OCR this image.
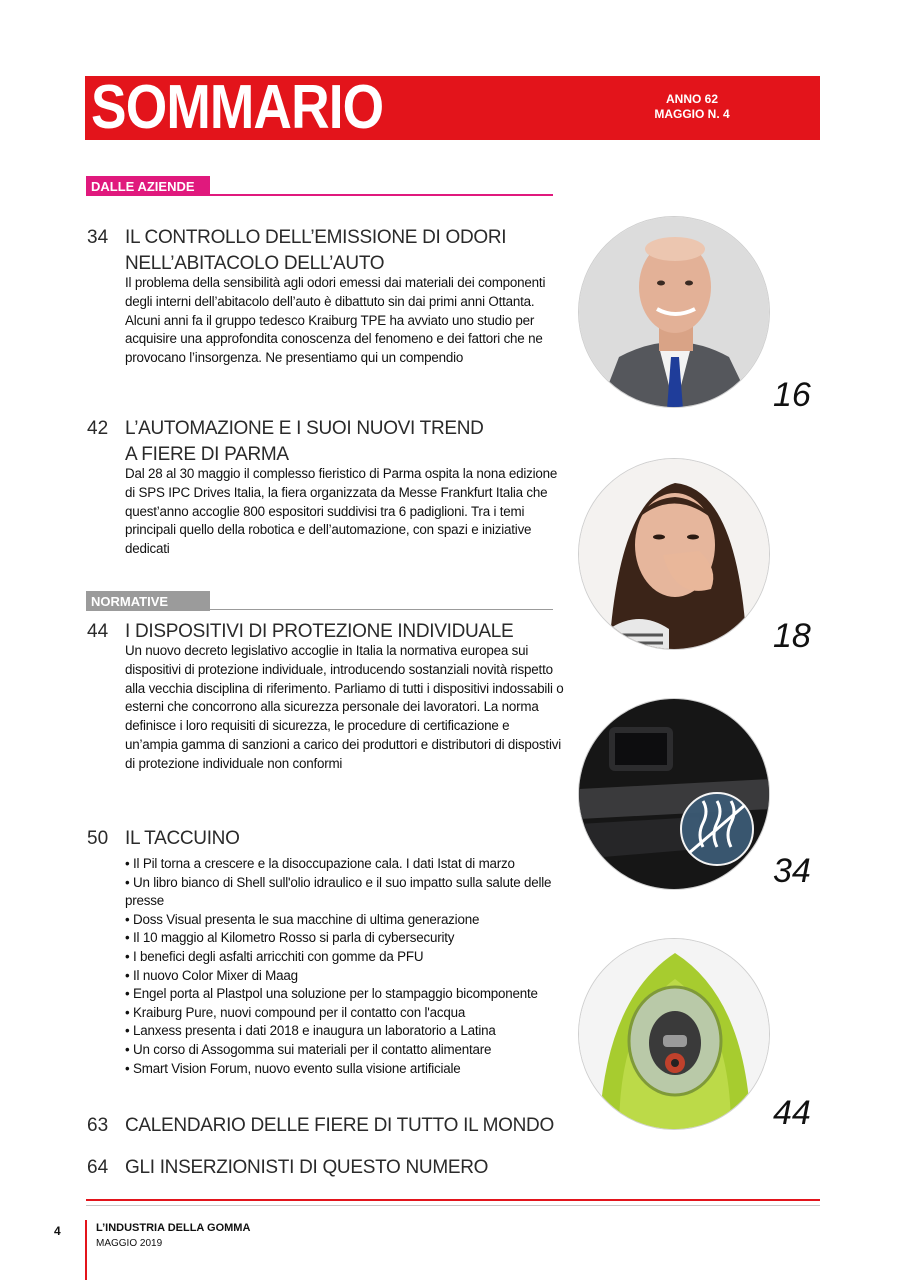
SOMMARIO	ANNO 62
MAGGIO N. 4
DALLE AZIENDE
34 IL CONTROLLO DELL’EMISSIONE DI ODORI
NELL’ABITACOLO DELL’AUTO
Il problema della sensibilità agli odori emessi dai materiali dei componenti degli interni dell’abitacolo dell’auto è dibattuto sin dai primi anni Ottanta. Alcuni anni fa il gruppo tedesco Kraiburg TPE ha avviato uno studio per acquisire una approfondita conoscenza del fenomeno e dei fattori che ne provocano l’insorgenza. Ne presentiamo qui un compendio
42 L’AUTOMAZIONE E I SUOI NUOVI TREND
A FIERE DI PARMA
Dal 28 al 30 maggio il complesso fieristico di Parma ospita la nona edizione di SPS IPC Drives Italia, la fiera organizzata da Messe Frankfurt Italia che quest’anno accoglie 800 espositori suddivisi tra 6 padiglioni. Tra i temi principali quello della robotica e dell’automazione, con spazi e iniziative dedicati
NORMATIVE
44 I DISPOSITIVI DI PROTEZIONE INDIVIDUALE
Un nuovo decreto legislativo accoglie in Italia la normativa europea sui dispositivi di protezione individuale, introducendo sostanziali novità rispetto alla vecchia disciplina di riferimento. Parliamo di tutti i dispositivi indossabili o esterni che concorrono alla sicurezza personale dei lavoratori. La norma definisce i loro requisiti di sicurezza, le procedure di certificazione e un’ampia gamma di sanzioni a carico dei produttori e distributori di dispostivi di protezione individuale non conformi
50 IL TACCUINO
• Il Pil torna a crescere e la disoccupazione cala. I dati Istat di marzo
• Un libro bianco di Shell sull'olio idraulico e il suo impatto sulla salute delle presse
• Doss Visual presenta le sua macchine di ultima generazione
• Il 10 maggio al Kilometro Rosso si parla di cybersecurity
• I benefici degli asfalti arricchiti con gomme da PFU
• Il nuovo Color Mixer di Maag
• Engel porta al Plastpol una soluzione per lo stampaggio bicomponente
• Kraiburg Pure, nuovi compound per il contatto con l'acqua
• Lanxess presenta i dati 2018 e inaugura un laboratorio a Latina
• Un corso di Assogomma sui materiali per il contatto alimentare
• Smart Vision Forum, nuovo evento sulla visione artificiale
63 CALENDARIO DELLE FIERE DI TUTTO IL MONDO
64 GLI INSERZIONISTI DI QUESTO NUMERO
16
18
34
44
4	L’INDUSTRIA DELLA GOMMA
MAGGIO 2019
